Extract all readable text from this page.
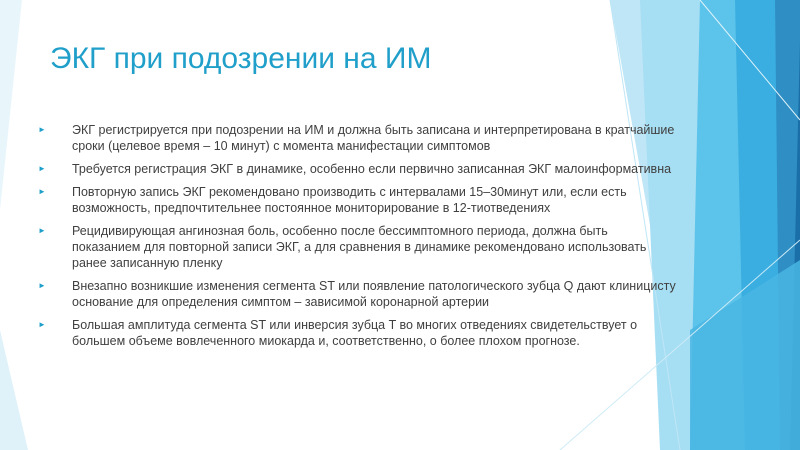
ЭКГ при подозрении на ИМ
► ЭКГ регистрируется при подозрении на ИМ и должна быть записана и интерпретирована в кратчайшие сроки (целевое время – 10 минут) с момента манифестации симптомов
► Требуется регистрация ЭКГ в динамике, особенно если первично записанная ЭКГ малоинформативна
► Повторную запись ЭКГ рекомендовано производить с интервалами 15–30минут или, если есть возможность, предпочтительнее постоянное мониторирование в 12-тиотведениях
► Рецидивирующая ангинозная боль, особенно после бессимптомного периода, должна быть показанием для повторной записи ЭКГ, а для сравнения в динамике рекомендовано использовать ранее записанную пленку
► Внезапно возникшие изменения сегмента ST или появление патологического зубца Q дают клиницисту основание для определения симптом – зависимой коронарной артерии
► Большая амплитуда сегмента ST или инверсия зубца T во многих отведениях свидетельствует о большем объеме вовлеченного миокарда и, соответственно, о более плохом прогнозе.
